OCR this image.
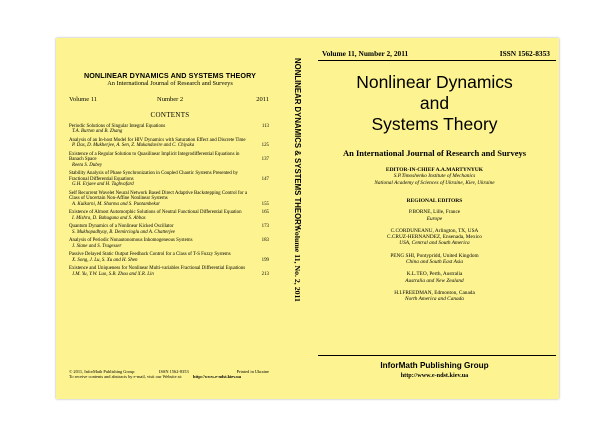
NONLINEAR DYNAMICS AND SYSTEMS THEORY
An International Journal of Research and Surveys
Volume 11	Number 2	2011
CONTENTS
Periodic Solutions of Singular Integral Equations
T.A. Burton and B. Zhang
113
Analysis of an In-host Model for HIV Dynamics with Saturation Effect and Discrete Time
P. Das, D. Mukherjee, A. Sen, Z. Mukandavire and C. Chiyaka	125
Existence of a Regular Solution to Quasilinear Implicit Integrodifferential Equations in Banach Space
Reeta S. Dubey
137
Stability Analysis of Phase Synchronization in Coupled Chaotic Systems Presented by Fractional Differential Equations
G.H. Erjaee and H. Taghvafard
147
Self Recurrent Wavelet Neural Network Based Direct Adaptive Backstepping Control for a Class of Uncertain Non-Affine Nonlinear Systems
A. Kulkarni, M. Sharma and S. Puntambekar	155
Existence of Almost Automorphic Solutions of Neutral Functional Differential Equation
I. Mishra, D. Bahuguna and S. Abbas
165
Quantum Dynamics of a Nonlinear Kicked Oscillator
S. Mukhopadhyay, B. Demircioglu and A. Chatterjee
173
Analysis of Periodic Nonautonomous Inhomogeneous Systems
J. Slane and S. Tragesser
183
Passive Delayed Static Output Feedback Control for a Class of T-S Fuzzy Systems
X. Song, J. Lu, S. Xu and H. Shen	199
Existence and Uniqueness for Nonlinear Multi-variables Fractional Differential Equations
J.M. Yu, Y.W. Luo, S.B. Zhou and X.R. Lin	213
© 2011, InforMath Publishing Group	ISSN 1562-8353	Printed in Ukraine
To receive contents and abstracts by e-mail, visit our Website at: http://www.e-ndst.kiev.ua
NONLINEAR DYNAMICS & SYSTEMS THEORY
Volume 11, No. 2, 2011
Volume 11, Number 2, 2011	ISSN 1562-8353
Nonlinear Dynamics
and
Systems Theory
An International Journal of Research and Surveys
EDITOR-IN-CHIEF A.A.MARTYNYUK
S.P.Timoshenko Institute of Mechanics
National Academy of Sciences of Ukraine, Kiev, Ukraine
REGIONAL EDITORS
P.BORNE, Lille, France
Europe
C.CORDUNEANU, Arlington, TX, USA
C.CRUZ-HERNANDEZ, Ensenada, Mexico
USA, Central and South America
PENG SHI, Pontypridd, United Kingdom
China and South East Asia
K.L.TEO, Perth, Australia
Australia and New Zealand
H.I.FREEDMAN, Edmonton, Canada
North America and Canada
InforMath Publishing Group
http://www.e-ndst.kiev.ua
